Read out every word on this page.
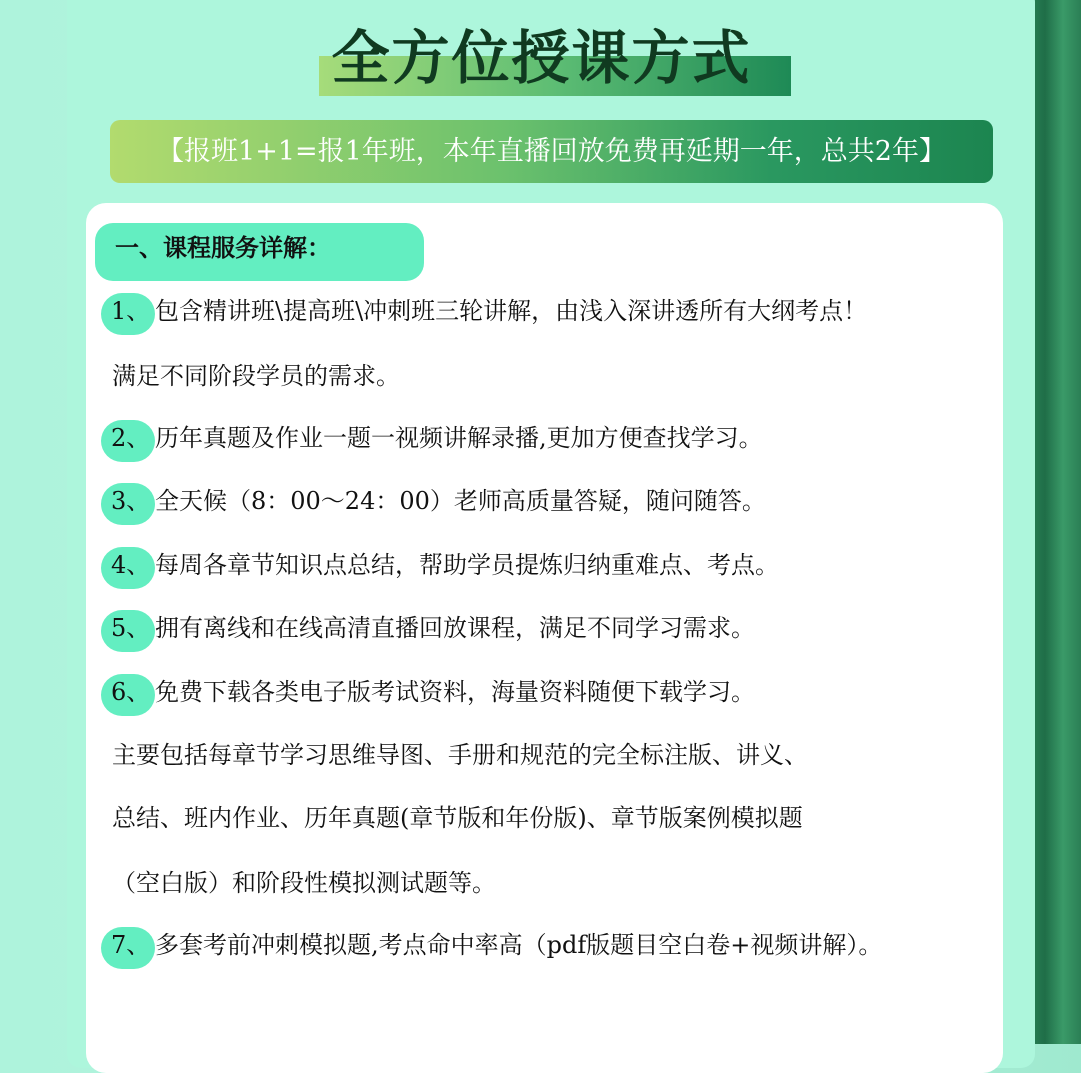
全方位授课方式
【报班1+1=报1年班，本年直播回放免费再延期一年，总共2年】
一、课程服务详解：
1、 包含精讲班\提高班\冲刺班三轮讲解，由浅入深讲透所有大纲考点！
满足不同阶段学员的需求。
2、 历年真题及作业一题一视频讲解录播,更加方便查找学习。
3、 全天候（8：00～24：00）老师高质量答疑，随问随答。
4、 每周各章节知识点总结，帮助学员提炼归纳重难点、考点。
5、 拥有离线和在线高清直播回放课程，满足不同学习需求。
6、 免费下载各类电子版考试资料，海量资料随便下载学习。
主要包括每章节学习思维导图、手册和规范的完全标注版、讲义、
总结、班内作业、历年真题(章节版和年份版)、章节版案例模拟题
（空白版）和阶段性模拟测试题等。
7、 多套考前冲刺模拟题,考点命中率高（pdf版题目空白卷+视频讲解）。
